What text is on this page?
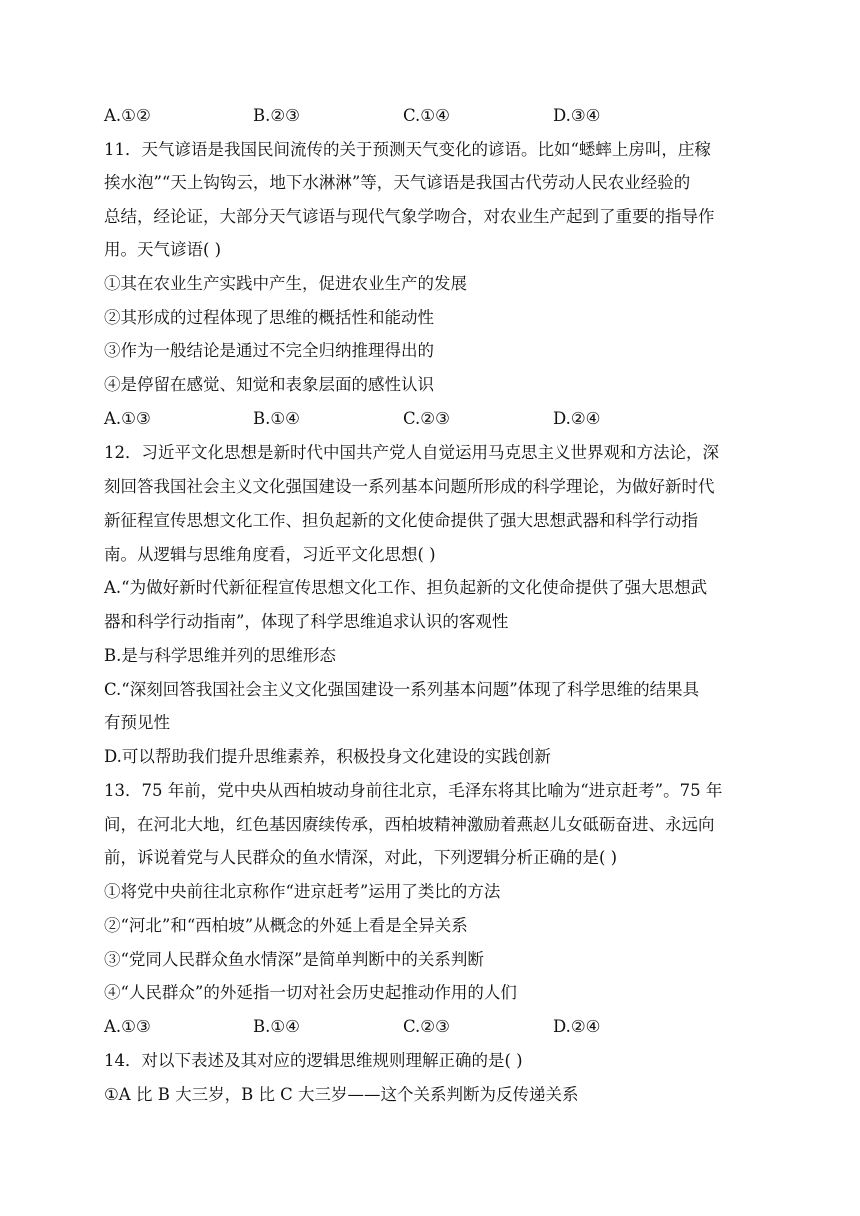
A.①②	B.②③	C.①④	D.③④
11．天气谚语是我国民间流传的关于预测天气变化的谚语。比如“蟋蟀上房叫，庄稼
挨水泡”“天上钩钩云，地下水淋淋”等，天气谚语是我国古代劳动人民农业经验的
总结，经论证，大部分天气谚语与现代气象学吻合，对农业生产起到了重要的指导作
用。天气谚语( )
①其在农业生产实践中产生，促进农业生产的发展
②其形成的过程体现了思维的概括性和能动性
③作为一般结论是通过不完全归纳推理得出的
④是停留在感觉、知觉和表象层面的感性认识
A.①③	B.①④	C.②③	D.②④
12．习近平文化思想是新时代中国共产党人自觉运用马克思主义世界观和方法论，深
刻回答我国社会主义文化强国建设一系列基本问题所形成的科学理论，为做好新时代
新征程宣传思想文化工作、担负起新的文化使命提供了强大思想武器和科学行动指
南。从逻辑与思维角度看，习近平文化思想( )
A.“为做好新时代新征程宣传思想文化工作、担负起新的文化使命提供了强大思想武
器和科学行动指南”，体现了科学思维追求认识的客观性
B.是与科学思维并列的思维形态
C.“深刻回答我国社会主义文化强国建设一系列基本问题”体现了科学思维的结果具
有预见性
D.可以帮助我们提升思维素养，积极投身文化建设的实践创新
13．75 年前，党中央从西柏坡动身前往北京，毛泽东将其比喻为“进京赶考”。75 年
间，在河北大地，红色基因赓续传承，西柏坡精神激励着燕赵儿女砥砺奋进、永远向
前，诉说着党与人民群众的鱼水情深，对此，下列逻辑分析正确的是( )
①将党中央前往北京称作“进京赶考”运用了类比的方法
②“河北”和“西柏坡”从概念的外延上看是全异关系
③“党同人民群众鱼水情深”是简单判断中的关系判断
④“人民群众”的外延指一切对社会历史起推动作用的人们
A.①③	B.①④	C.②③	D.②④
14．对以下表述及其对应的逻辑思维规则理解正确的是( )
①A 比 B 大三岁，B 比 C 大三岁——这个关系判断为反传递关系
